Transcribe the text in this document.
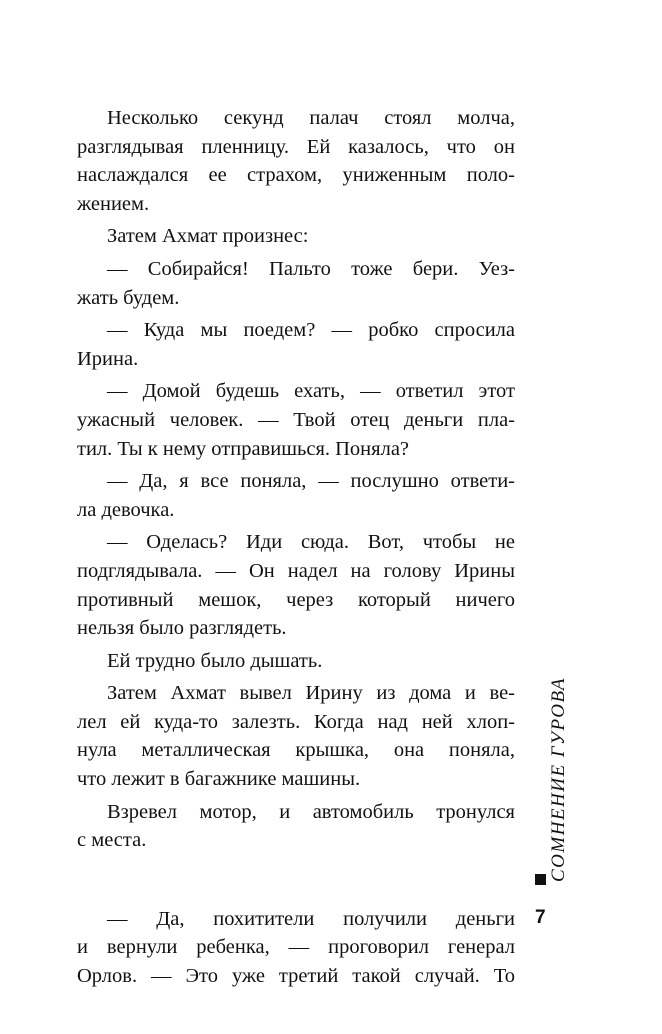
Несколько секунд палач стоял молча,
разглядывая пленницу. Ей казалось, что он
наслаждался ее страхом, униженным поло-
жением.

Затем Ахмат произнес:

— Собирайся! Пальто тоже бери. Уез-
жать будем.

— Куда мы поедем? — робко спросила
Ирина.

— Домой будешь ехать, — ответил этот
ужасный человек. — Твой отец деньги пла-
тил. Ты к нему отправишься. Поняла?

— Да, я все поняла, — послушно ответи-
ла девочка.

— Оделась? Иди сюда. Вот, чтобы не
подглядывала. — Он надел на голову Ирины
противный мешок, через который ничего
нельзя было разглядеть.

Ей трудно было дышать.

Затем Ахмат вывел Ирину из дома и ве-
лел ей куда-то залезть. Когда над ней хлоп-
нула металлическая крышка, она поняла,
что лежит в багажнике машины.

Взревел мотор, и автомобиль тронулся
с места.

— Да, похитители получили деньги
и вернули ребенка, — проговорил генерал
Орлов. — Это уже третий такой случай. То

СОМНЕНИЕ ГУРОВА
7
